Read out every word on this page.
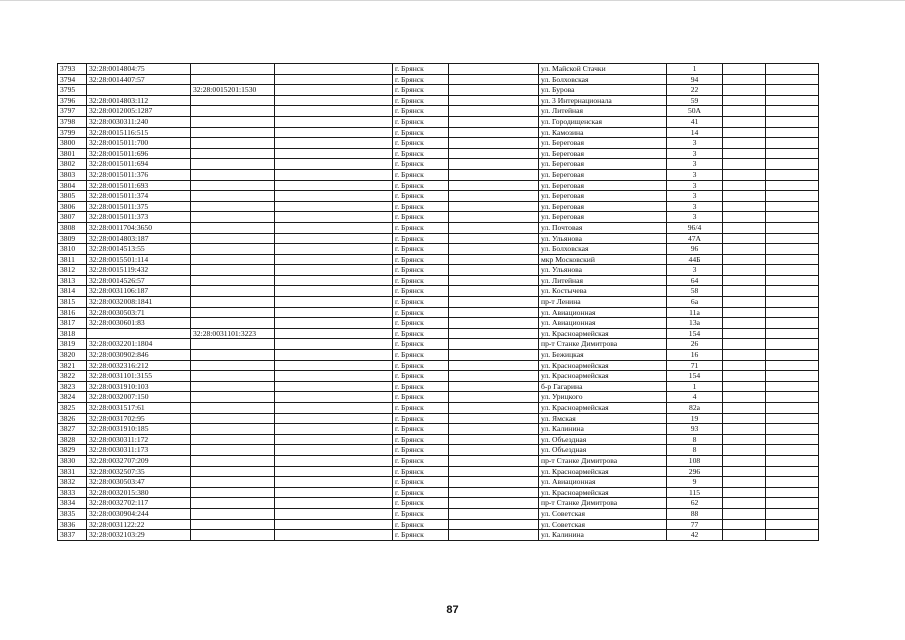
3793	32:28:0014804:75			г. Брянск		ул. Майской Стачки	1		
3794	32:28:0014407:57			г. Брянск		ул. Болховская	94		
3795		32:28:0015201:1530		г. Брянск		ул. Бурова	22		
3796	32:28:0014803:112			г. Брянск		ул. 3 Интернационала	59		
3797	32:28:0012005:1287			г. Брянск		ул. Литейная	50А		
3798	32:28:0030311:240			г. Брянск		ул. Городищенская	41		
3799	32:28:0015116:515			г. Брянск		ул. Камозина	14		
3800	32:28:0015011:700			г. Брянск		ул. Береговая	3		
3801	32:28:0015011:696			г. Брянск		ул. Береговая	3		
3802	32:28:0015011:694			г. Брянск		ул. Береговая	3		
3803	32:28:0015011:376			г. Брянск		ул. Береговая	3		
3804	32:28:0015011:693			г. Брянск		ул. Береговая	3		
3805	32:28:0015011:374			г. Брянск		ул. Береговая	3		
3806	32:28:0015011:375			г. Брянск		ул. Береговая	3		
3807	32:28:0015011:373			г. Брянск		ул. Береговая	3		
3808	32:28:0011704:3650			г. Брянск		ул. Почтовая	96/4		
3809	32:28:0014803:187			г. Брянск		ул. Ульянова	47А		
3810	32:28:0014513:55			г. Брянск		ул. Болховская	96		
3811	32:28:0015501:114			г. Брянск		мкр Московский	44Б		
3812	32:28:0015119:432			г. Брянск		ул. Ульянова	3		
3813	32:28:0014526:57			г. Брянск		ул. Литейная	64		
3814	32:28:0031106:187			г. Брянск		ул. Костычева	58		
3815	32:28:0032008:1841			г. Брянск		пр-т Ленина	6а		
3816	32:28:0030503:71			г. Брянск		ул. Авиационная	11а		
3817	32:28:0030601:83			г. Брянск		ул. Авиационная	13а		
3818		32:28:0031101:3223		г. Брянск		ул. Красноармейская	154		
3819	32:28:0032201:1804			г. Брянск		пр-т Станке Димитрова	26		
3820	32:28:0030902:846			г. Брянск		ул. Бежицкая	16		
3821	32:28:0032316:212			г. Брянск		ул. Красноармейская	71		
3822	32:28:0031101:3155			г. Брянск		ул. Красноармейская	154		
3823	32:28:0031910:103			г. Брянск		б-р Гагарина	1		
3824	32:28:0032007:150			г. Брянск		ул. Урицкого	4		
3825	32:28:0031517:61			г. Брянск		ул. Красноармейская	82а		
3826	32:28:0031702:95			г. Брянск		ул. Ямская	19		
3827	32:28:0031910:185			г. Брянск		ул. Калинина	93		
3828	32:28:0030311:172			г. Брянск		ул. Объездная	8		
3829	32:28:0030311:173			г. Брянск		ул. Объездная	8		
3830	32:28:0032707:209			г. Брянск		пр-т Станке Димитрова	108		
3831	32:28:0032507:35			г. Брянск		ул. Красноармейская	296		
3832	32:28:0030503:47			г. Брянск		ул. Авиационная	9		
3833	32:28:0032015:380			г. Брянск		ул. Красноармейская	115		
3834	32:28:0032702:117			г. Брянск		пр-т Станке Димитрова	62		
3835	32:28:0030904:244			г. Брянск		ул. Советская	88		
3836	32:28:0031122:22			г. Брянск		ул. Советская	77		
3837	32:28:0032103:29			г. Брянск		ул. Калинина	42		
87
